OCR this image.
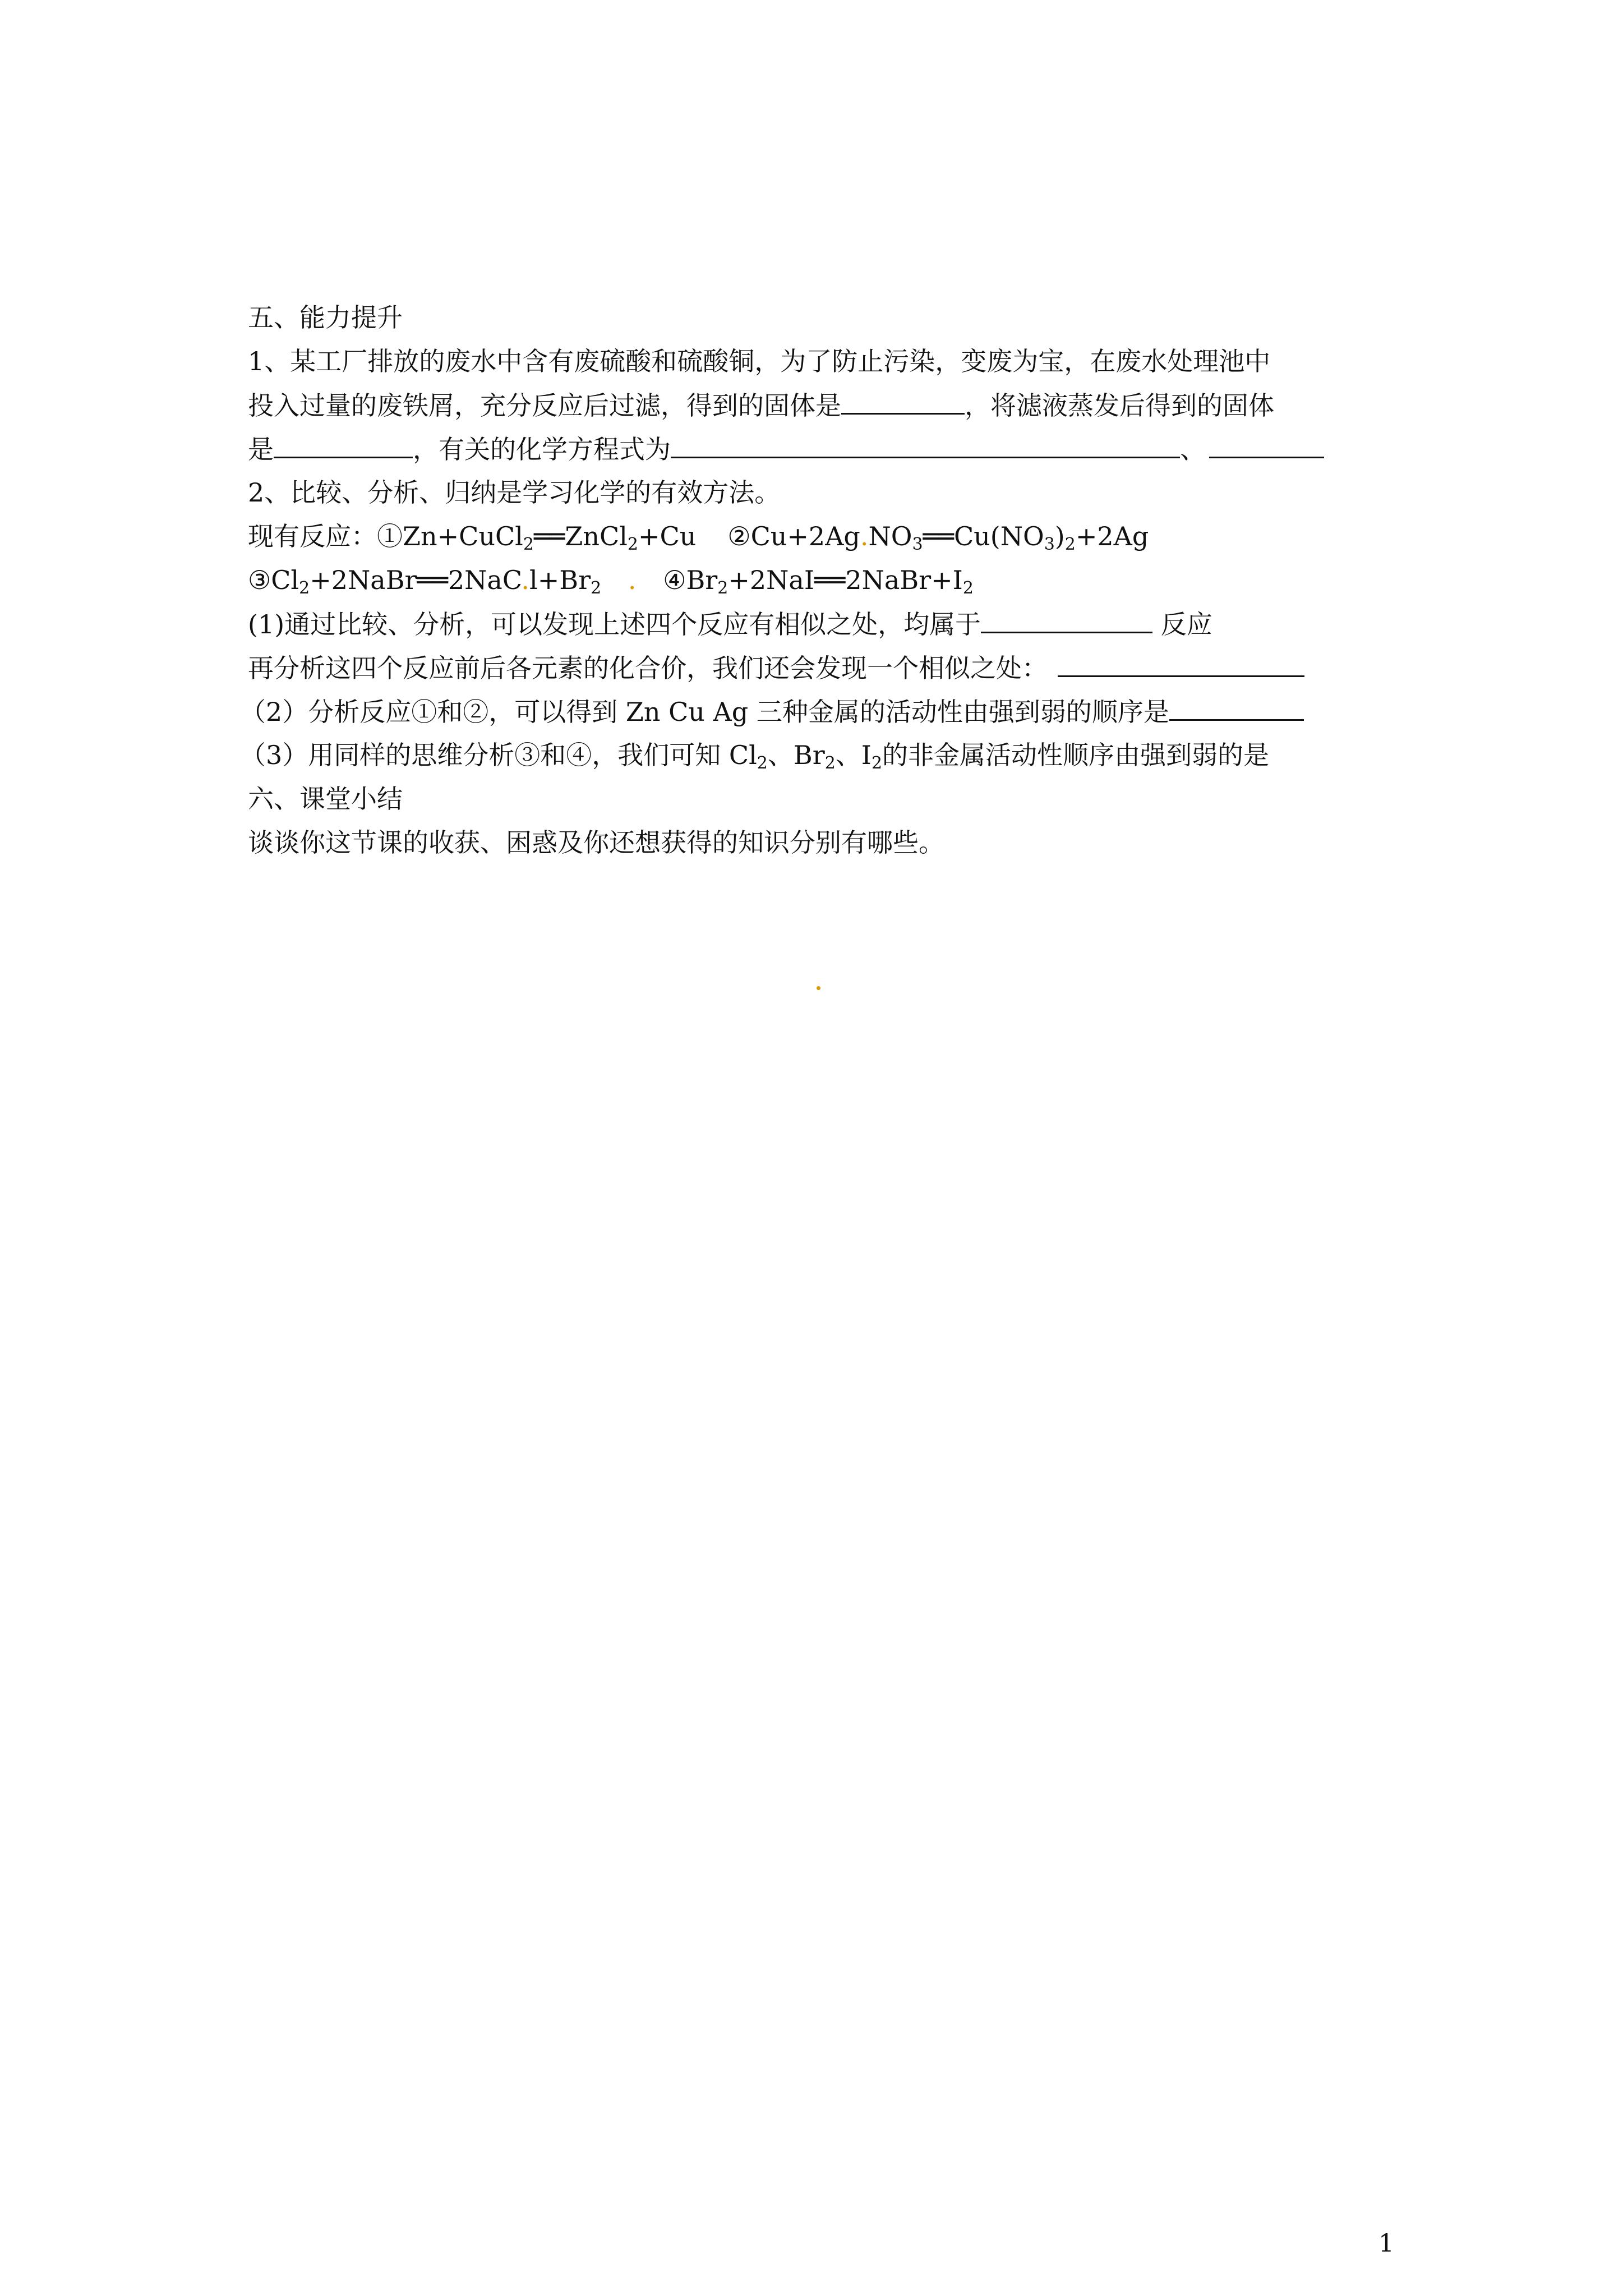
五、能力提升
1、某工厂排放的废水中含有废硫酸和硫酸铜，为了防止污染，变废为宝，在废水处理池中
投入过量的废铁屑，充分反应后过滤，得到的固体是	，将滤液蒸发后得到的固体
是	，有关的化学方程式为	、
2、比较、分析、归纳是学习化学的有效方法。
现有反应：①Zn+CuCl$_2$══ZnCl$_2$+Cu $②Cu+2Ag.NO_3══Cu(NO_3)_2+2Ag$
$③Cl_2+2NaBr══2NaC.l+Br_2$ . $④Br_2+2NaI══2NaBr+I_2$
(1)通过比较、分析，可以发现上述四个反应有相似之处，均属于	反应
再分析这四个反应前后各元素的化合价，我们还会发现一个相似之处：
（2）分析反应①和②，可以得到 Zn Cu Ag 三种金属的活动性由强到弱的顺序是
（3）用同样的思维分析③和④，我们可知 $Cl_2$、$Br_2$、$I_2$的非金属活动性顺序由强到弱的是
六、课堂小结
谈谈你这节课的收获、困惑及你还想获得的知识分别有哪些。
1
